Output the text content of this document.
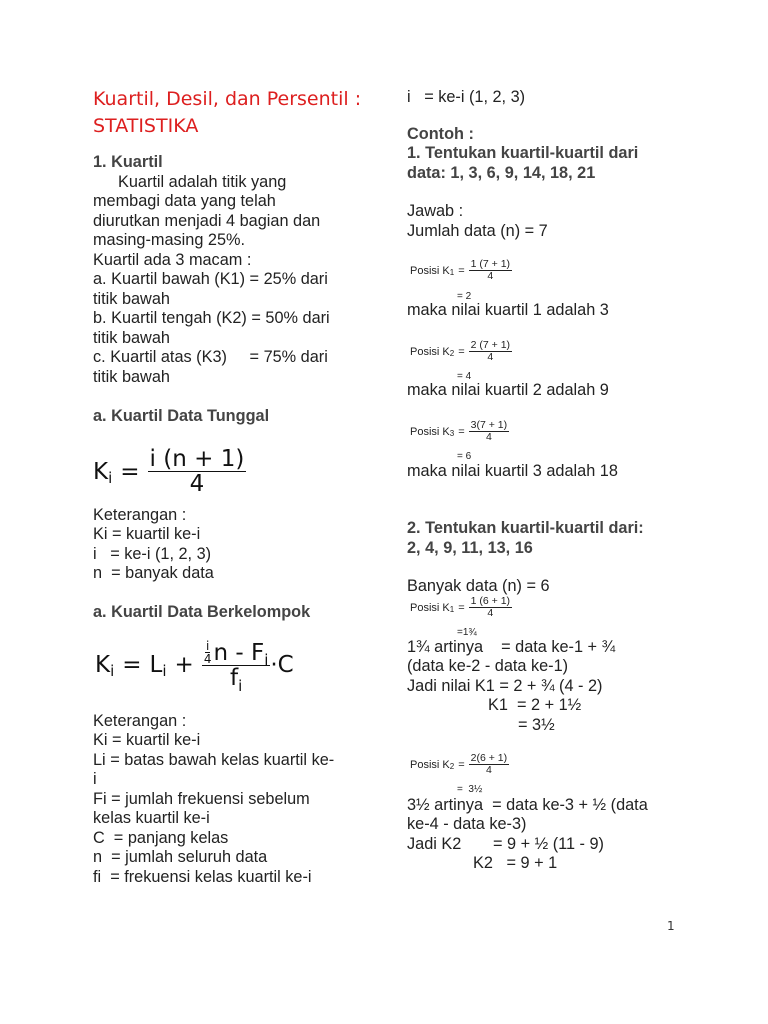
Kuartil, Desil, dan Persentil : STATISTIKA
1. Kuartil
Kuartil adalah titik yang
membagi data yang telah
diurutkan menjadi 4 bagian dan
masing-masing 25%.
Kuartil ada 3 macam :
a. Kuartil bawah (K1) = 25% dari
titik bawah
b. Kuartil tengah (K2) = 50% dari
titik bawah
c. Kuartil atas (K3)     = 75% dari
titik bawah
a. Kuartil Data Tunggal
K $i = \frac{i (n + 1)}{4}$
Keterangan :
Ki = kuartil ke-i
i   = ke-i (1, 2, 3)
n  = banyak data
a. Kuartil Data Berkelompok
K i = L i + i
4 n - F i
$f_i \cdot C$
Keterangan :
Ki = kuartil ke-i
Li = batas bawah kelas kuartil ke-
i
Fi = jumlah frekuensi sebelum
kelas kuartil ke-i
C  = panjang kelas
n  = jumlah seluruh data
fi  = frekuensi kelas kuartil ke-i
i   = ke-i (1, 2, 3)
Contoh :
1. Tentukan kuartil-kuartil dari
data: 1, 3, 6, 9, 14, 18, 21
Jawab :
Jumlah data (n) = 7
Posisi K $1 = \frac{1 (7 + 1)}{4}$
= 2
maka nilai kuartil 1 adalah 3
Posisi K $2 = \frac{2 (7 + 1)}{4}$
= 4
maka nilai kuartil 2 adalah 9
Posisi K $3 = \frac{3(7 + 1)}{4}$
= 6
maka nilai kuartil 3 adalah 18
2. Tentukan kuartil-kuartil dari:
2, 4, 9, 11, 13, 16
Banyak data (n) = 6
Posisi K $1 = \frac{1 (6 + 1)}{4}$
=1¾
1¾ artinya    = data ke-1 + ¾
(data ke-2 - data ke-1)
Jadi nilai K1 = 2 + ¾ (4 - 2)
K1  = 2 + 1½
= 3½
Posisi K $2 = \frac{2(6 + 1)}{4}$
=  3½
3½ artinya  = data ke-3 + ½ (data
ke-4 - data ke-3)
Jadi K2       = 9 + ½ (11 - 9)
K2   = 9 + 1
1
